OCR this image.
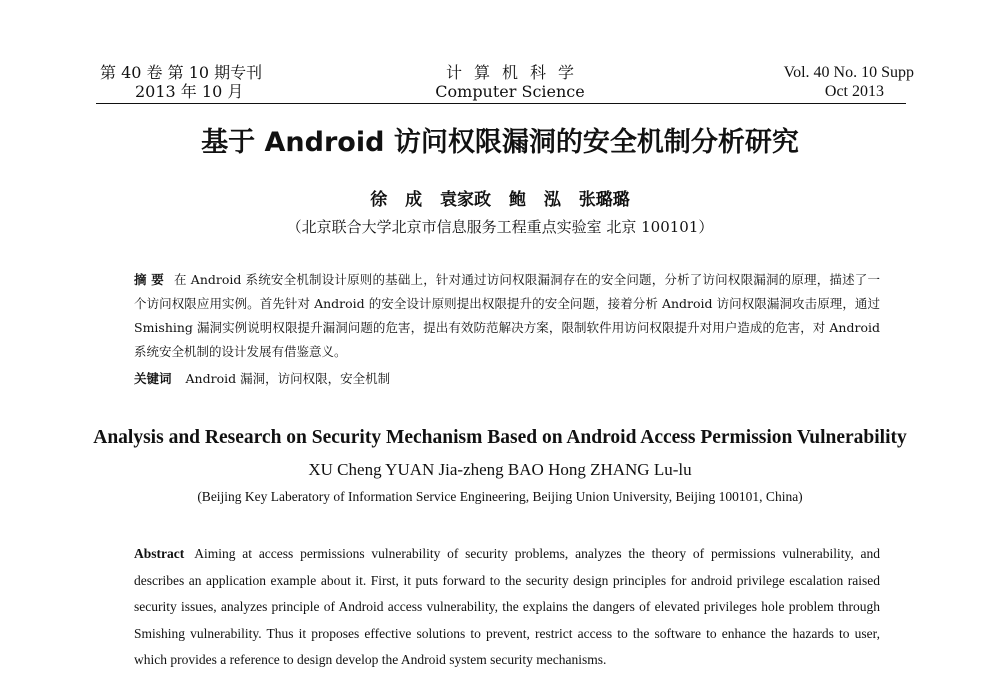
第 40 卷 第 10 期专刊
2013 年 10 月
计算机科学
Computer Science
Vol. 40 No. 10 Supp
Oct 2013
基于 Android 访问权限漏洞的安全机制分析研究
徐 成 袁家政 鲍 泓 张璐璐
（北京联合大学北京市信息服务工程重点实验室 北京 100101）
摘 要 在 Android 系统安全机制设计原则的基础上，针对通过访问权限漏洞存在的安全问题，分析了访问权限漏洞的原理，描述了一个访问权限应用实例。首先针对 Android 的安全设计原则提出权限提升的安全问题，接着分析 Android 访问权限漏洞攻击原理，通过 Smishing 漏洞实例说明权限提升漏洞问题的危害，提出有效防范解决方案，限制软件用访问权限提升对用户造成的危害，对 Android 系统安全机制的设计发展有借鉴意义。
关键词 Android 漏洞，访问权限，安全机制
Analysis and Research on Security Mechanism Based on Android Access Permission Vulnerability
XU Cheng YUAN Jia-zheng BAO Hong ZHANG Lu-lu
(Beijing Key Laberatory of Information Service Engineering, Beijing Union University, Beijing 100101, China)
Abstract Aiming at access permissions vulnerability of security problems, analyzes the theory of permissions vulnerability, and describes an application example about it. First, it puts forward to the security design principles for android privilege escalation raised security issues, analyzes principle of Android access vulnerability, the explains the dangers of elevated privileges hole problem through Smishing vulnerability. Thus it proposes effective solutions to prevent, restrict access to the software to enhance the hazards to user, which provides a reference to design develop the Android system security mechanisms.
